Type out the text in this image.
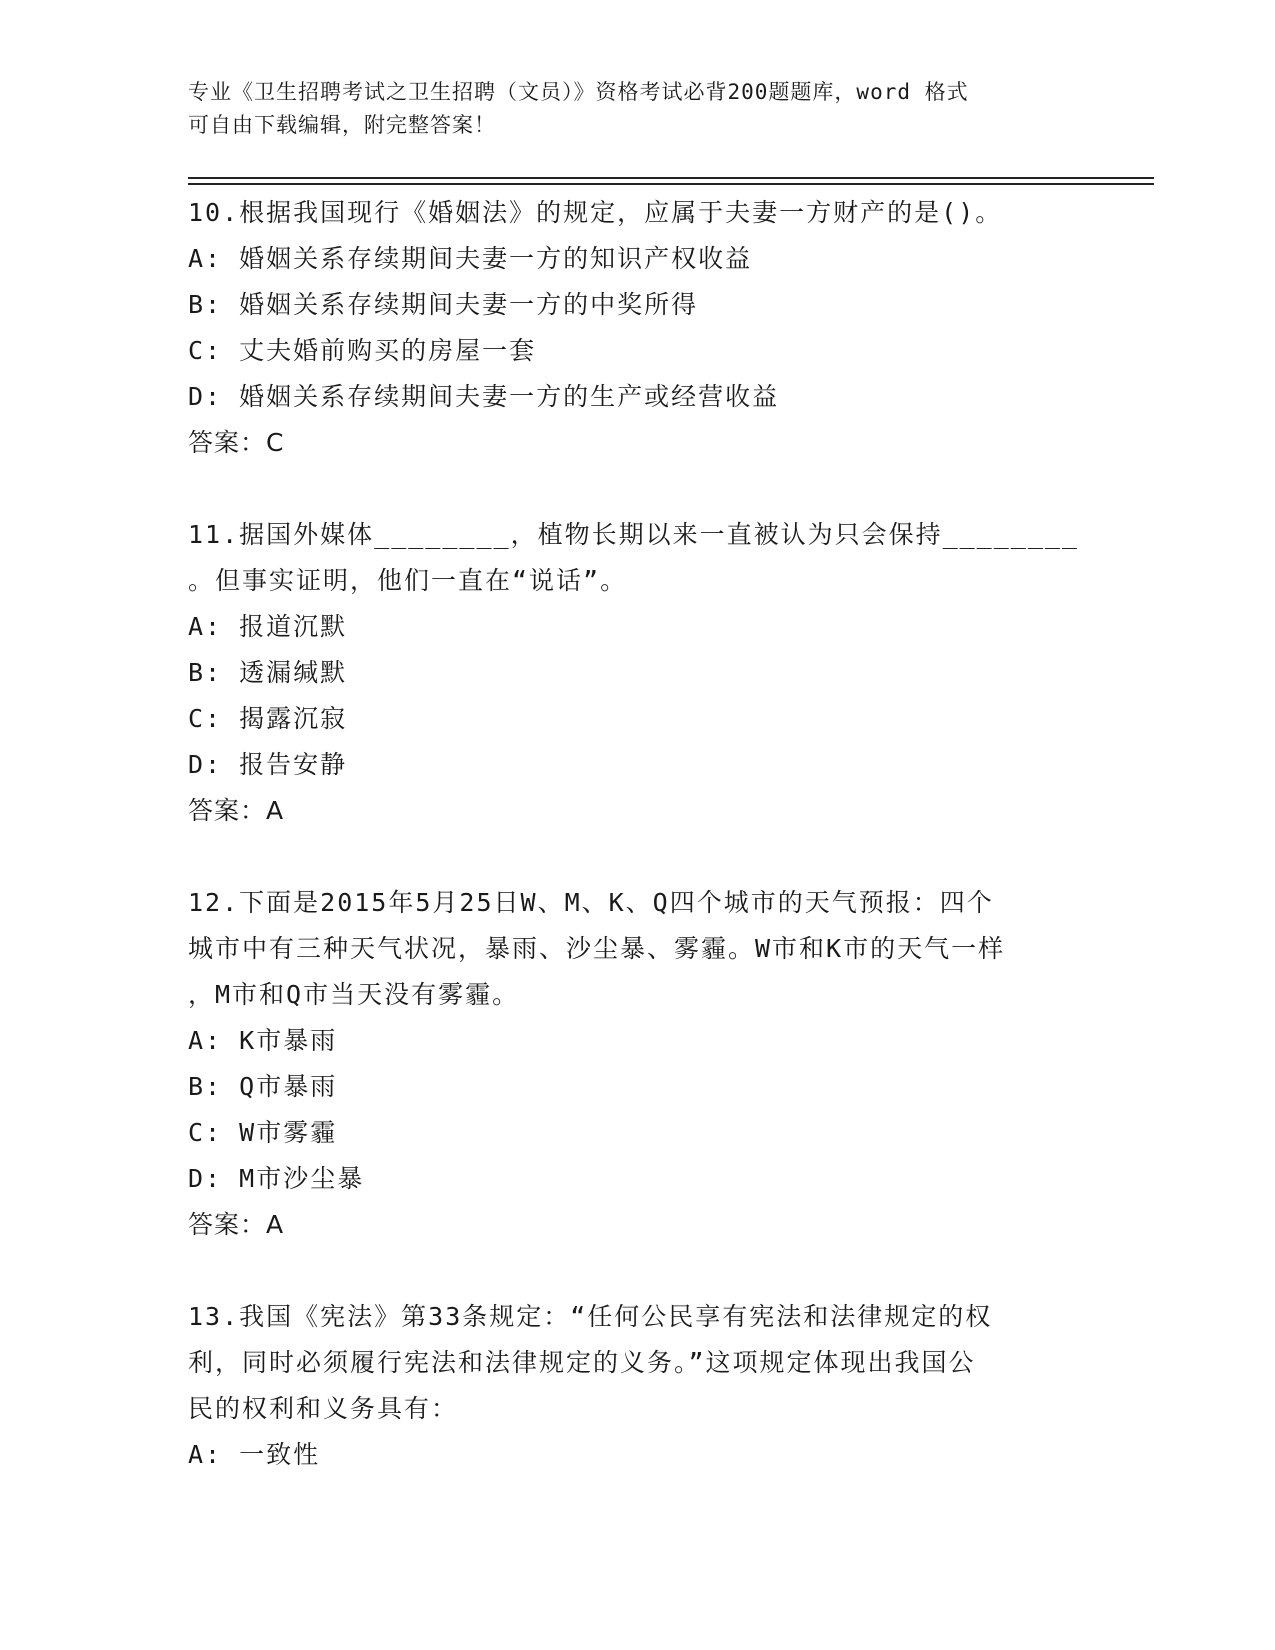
专业《卫生招聘考试之卫生招聘（文员）》资格考试必背200题题库，word 格式
可自由下载编辑，附完整答案！
10.根据我国现行《婚姻法》的规定，应属于夫妻一方财产的是()。
A: 婚姻关系存续期间夫妻一方的知识产权收益
B: 婚姻关系存续期间夫妻一方的中奖所得
C: 丈夫婚前购买的房屋一套
D: 婚姻关系存续期间夫妻一方的生产或经营收益
答案：C
11.据国外媒体________，植物长期以来一直被认为只会保持________
。但事实证明，他们一直在“说话”。
A: 报道沉默
B: 透漏缄默
C: 揭露沉寂
D: 报告安静
答案：A
12.下面是2015年5月25日W、M、K、Q四个城市的天气预报：四个
城市中有三种天气状况，暴雨、沙尘暴、雾霾。W市和K市的天气一样
，M市和Q市当天没有雾霾。
A: K市暴雨
B: Q市暴雨
C: W市雾霾
D: M市沙尘暴
答案：A
13.我国《宪法》第33条规定：“任何公民享有宪法和法律规定的权
利，同时必须履行宪法和法律规定的义务。”这项规定体现出我国公
民的权利和义务具有：
A: 一致性
